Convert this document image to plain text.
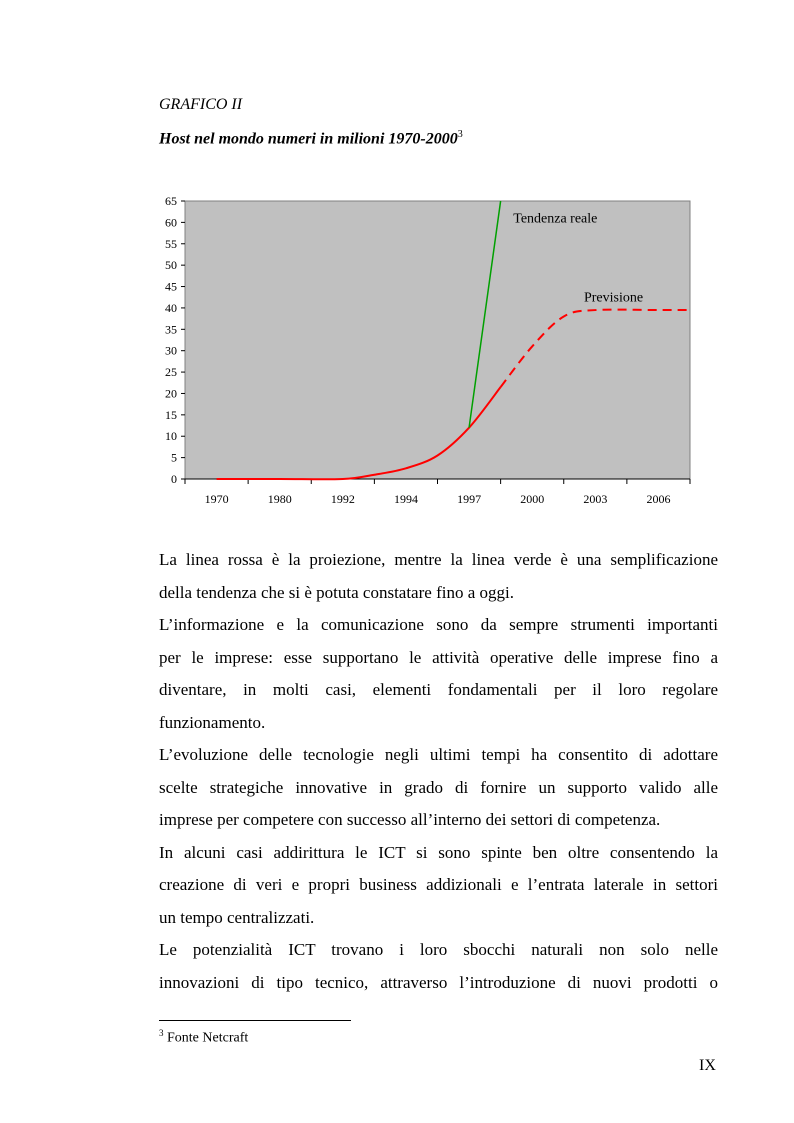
GRAFICO II
Host nel mondo numeri in milioni 1970-2000$^3$
0
5
10
15
20
25
30
35
40
45
50
55
60
65
1970	1980	1992	1994	1997	2000	2003	2006
Tendenza reale
Previsione

La linea rossa è la proiezione, mentre la linea verde è una semplificazione

della tendenza che si è potuta constatare fino a oggi.

L’informazione e la comunicazione sono da sempre strumenti importanti

per le imprese: esse supportano le attività operative delle imprese fino a

diventare, in molti casi, elementi fondamentali per il loro regolare

funzionamento.

L’evoluzione delle tecnologie negli ultimi tempi ha consentito di adottare

scelte strategiche innovative in grado di fornire un supporto valido alle

imprese per competere con successo all’interno dei settori di competenza.

In alcuni casi addirittura le ICT si sono spinte ben oltre consentendo la

creazione di veri e propri business addizionali e l’entrata laterale in settori

un tempo centralizzati.

Le potenzialità ICT trovano i loro sbocchi naturali non solo nelle

innovazioni di tipo tecnico, attraverso l’introduzione di nuovi prodotti o

$^3$ Fonte Netcraft
IX
